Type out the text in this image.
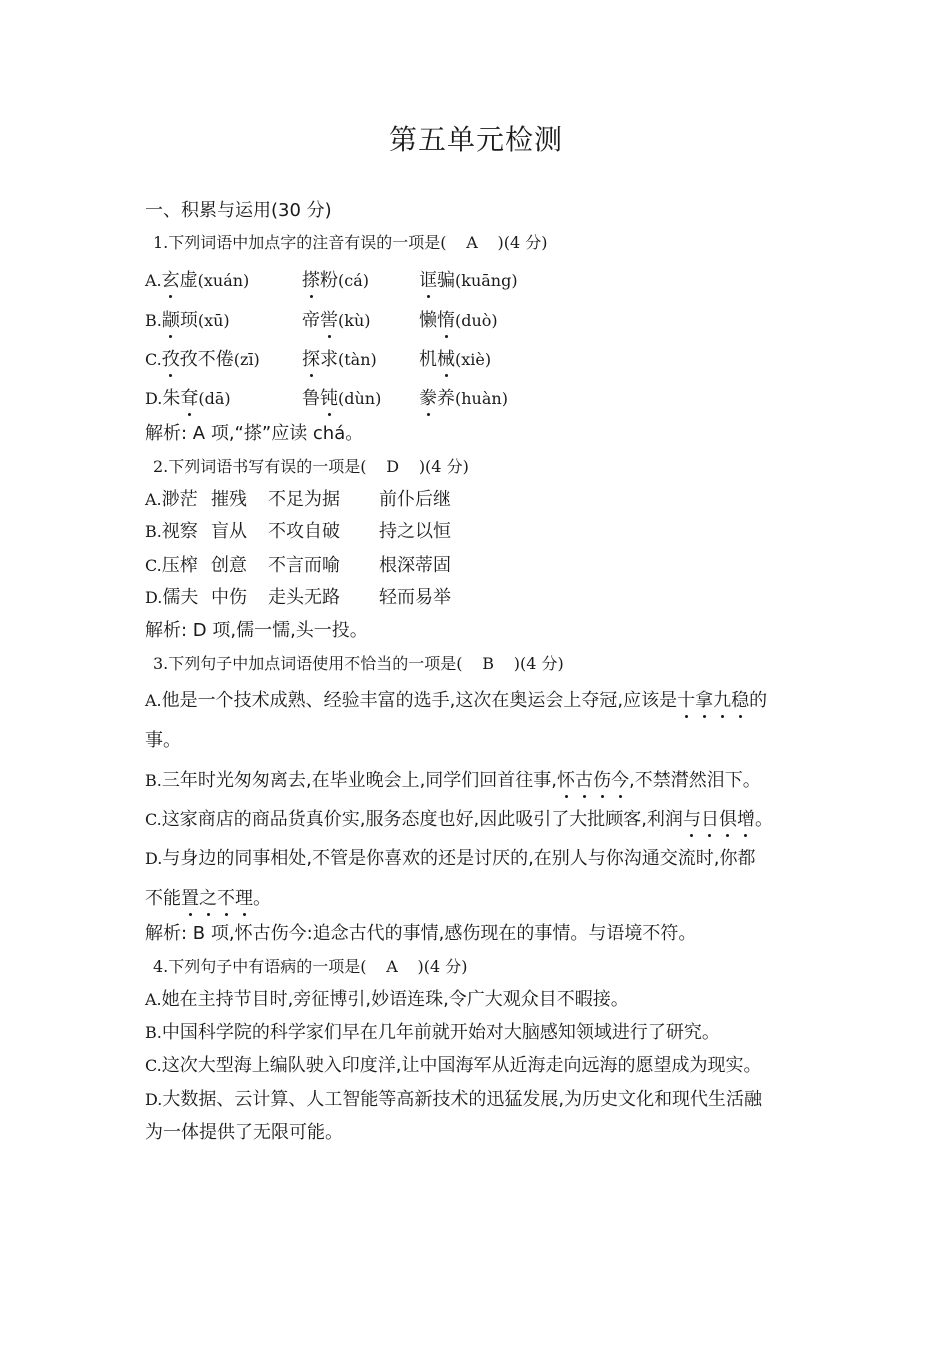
第五单元检测
一、积累与运用(30 分)
1.下列词语中加点字的注音有误的一项是( A )(4 分)
A.玄虚(xuán)	搽粉(cá)	诓骗(kuāng)
B.颛顼(xū)	帝喾(kù)	懒惰(duò)
C.孜孜不倦(zī) 探求(tàn) 机械(xiè)
D.朱耷(dā)	鲁钝(dùn) 豢养(huàn)
解析: A 项,“搽”应读 chá。
2.下列词语书写有误的一项是( D )(4 分)
A.渺茫 摧残 不足为据 前仆后继
B.视察 盲从 不攻自破 持之以恒
C.压榨 创意 不言而喻 根深蒂固
D.儒夫 中伤 走头无路 轻而易举
解析: D 项,儒一懦,头一投。
3.下列句子中加点词语使用不恰当的一项是( B )(4 分)
A.他是一个技术成熟、经验丰富的选手,这次在奥运会上夺冠,应该是十拿九稳的
事。
B.三年时光匆匆离去,在毕业晚会上,同学们回首往事,怀古伤今,不禁潸然泪下。
C.这家商店的商品货真价实,服务态度也好,因此吸引了大批顾客,利润与日俱增。
D.与身边的同事相处,不管是你喜欢的还是讨厌的,在别人与你沟通交流时,你都
不能置之不理。
解析: B 项,怀古伤今:追念古代的事情,感伤现在的事情。与语境不符。
4.下列句子中有语病的一项是( A )(4 分)
A.她在主持节目时,旁征博引,妙语连珠,令广大观众目不暇接。
B.中国科学院的科学家们早在几年前就开始对大脑感知领域进行了研究。
C.这次大型海上编队驶入印度洋,让中国海军从近海走向远海的愿望成为现实。
D.大数据、云计算、人工智能等高新技术的迅猛发展,为历史文化和现代生活融
为一体提供了无限可能。
